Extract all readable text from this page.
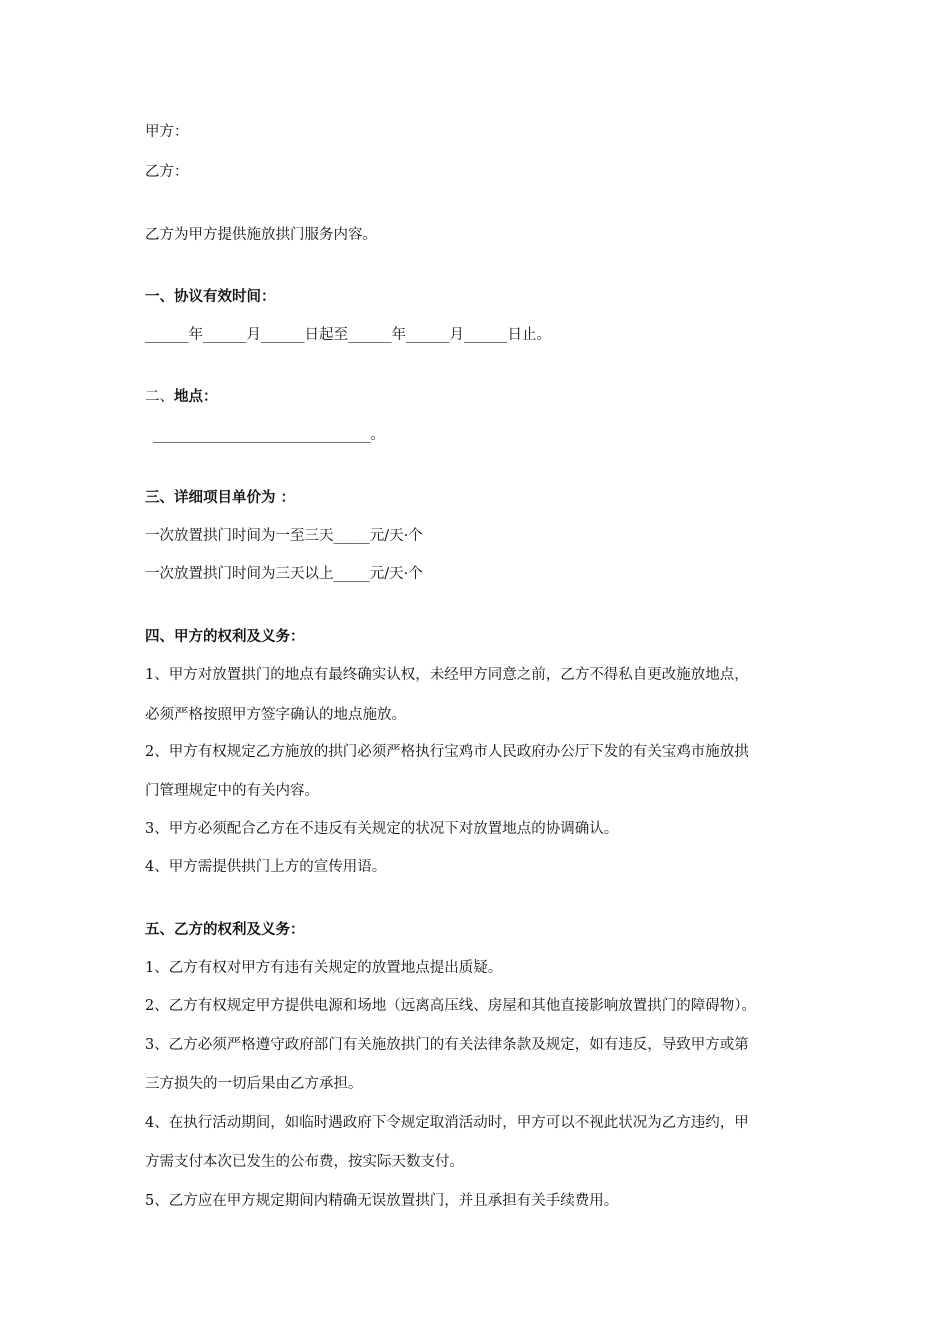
甲方：
乙方：
乙方为甲方提供施放拱门服务内容。
一、协议有效时间：
______年______月______日起至______年______月______日止。
二、地点：
______________________________。
三、详细项目单价为 ：
一次放置拱门时间为一至三天_____元/天·个
一次放置拱门时间为三天以上_____元/天·个
四、甲方的权利及义务：
1、甲方对放置拱门的地点有最终确实认权，未经甲方同意之前，乙方不得私自更改施放地点，
必须严格按照甲方签字确认的地点施放。
2、甲方有权规定乙方施放的拱门必须严格执行宝鸡市人民政府办公厅下发的有关宝鸡市施放拱
门管理规定中的有关内容。
3、甲方必须配合乙方在不违反有关规定的状况下对放置地点的协调确认。
4、甲方需提供拱门上方的宣传用语。
五、乙方的权利及义务：
1、乙方有权对甲方有违有关规定的放置地点提出质疑。
2、乙方有权规定甲方提供电源和场地（远离高压线、房屋和其他直接影响放置拱门的障碍物）。
3、乙方必须严格遵守政府部门有关施放拱门的有关法律条款及规定，如有违反，导致甲方或第
三方损失的一切后果由乙方承担。
4、在执行活动期间，如临时遇政府下令规定取消活动时，甲方可以不视此状况为乙方违约，甲
方需支付本次已发生的公布费，按实际天数支付。
5、乙方应在甲方规定期间内精确无误放置拱门，并且承担有关手续费用。
